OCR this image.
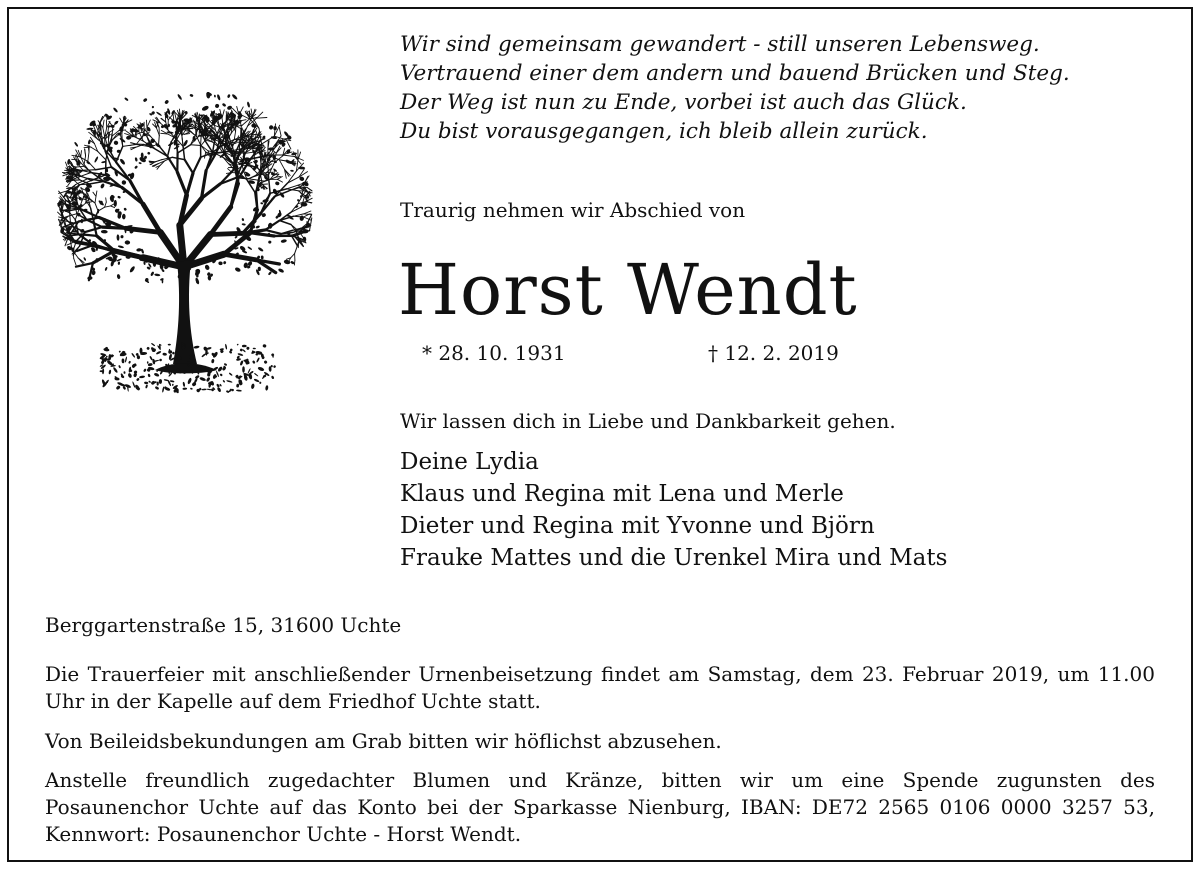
Wir sind gemeinsam gewandert - still unseren Lebensweg.
Vertrauend einer dem andern und bauend Brücken und Steg.
Der Weg ist nun zu Ende, vorbei ist auch das Glück.
Du bist vorausgegangen, ich bleib allein zurück.
Traurig nehmen wir Abschied von
Horst Wendt
* 28. 10. 1931	† 12. 2. 2019
Wir lassen dich in Liebe und Dankbarkeit gehen.
Deine Lydia
Klaus und Regina mit Lena und Merle
Dieter und Regina mit Yvonne und Björn
Frauke Mattes und die Urenkel Mira und Mats
Berggartenstraße 15, 31600 Uchte
Die Trauerfeier mit anschließender Urnenbeisetzung findet am Samstag, dem 23. Februar 2019, um 11.00 Uhr in der Kapelle auf dem Friedhof Uchte statt.
Von Beileidsbekundungen am Grab bitten wir höflichst abzusehen.
Anstelle freundlich zugedachter Blumen und Kränze, bitten wir um eine Spende zugunsten des Posaunenchor Uchte auf das Konto bei der Sparkasse Nienburg, IBAN: DE72 2565 0106 0000 3257 53, Kennwort: Posaunenchor Uchte - Horst Wendt.
